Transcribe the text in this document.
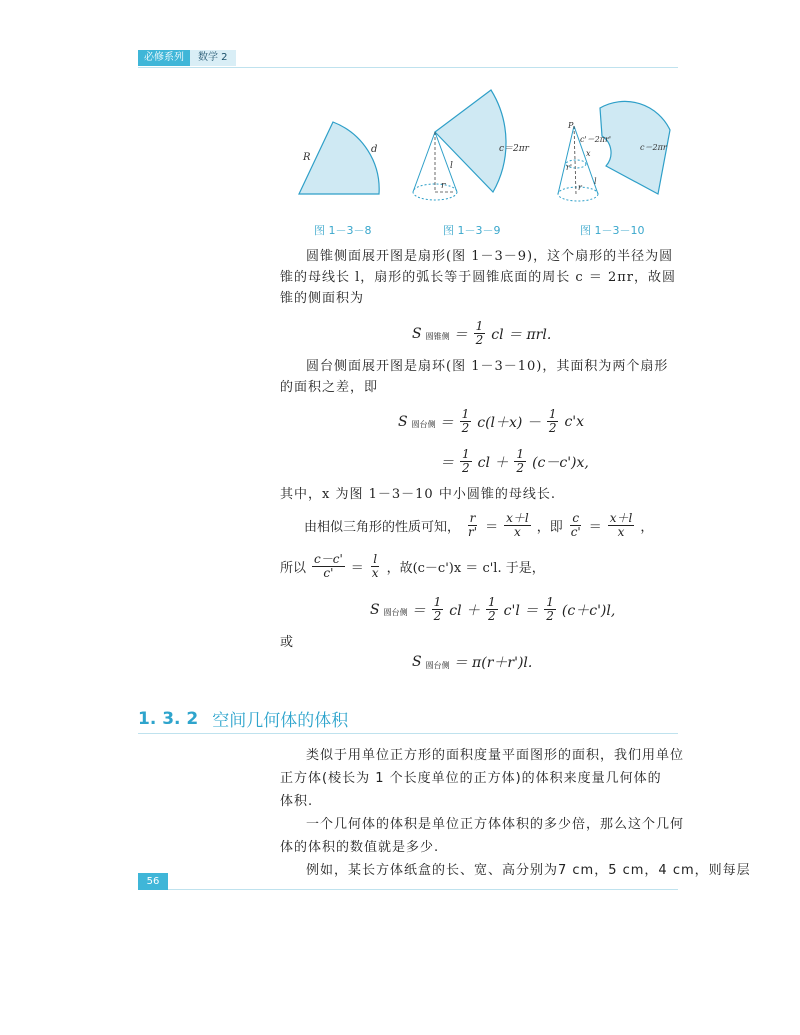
必修系列	数学 2
R
d
图 1－3－8
l
r
c＝2πr
图 1－3－9
P
c'＝2πr'
x
r'
l
r
c＝2πr
图 1－3－10
圆锥侧面展开图是扇形(图 1－3－9)，这个扇形的半径为圆锥的母线长 l，扇形的弧长等于圆锥底面的周长 c ＝ 2πr，故圆锥的侧面积为
S 圆锥侧 ＝ $\frac{1}{2}$ cl ＝ πrl.
圆台侧面展开图是扇环(图 1－3－10)，其面积为两个扇形的面积之差，即
S 圆台侧 ＝ $\frac{1}{2} c(l+x) - \frac{1}{2} c'x$
＝ $\frac{1}{2}$ cl ＋ $\frac{1}{2} (c-c')x$,
其中，x 为图 1－3－10 中小圆锥的母线长.
由相似三角形的性质可知， $\frac{r}{r'} = \frac{x+l}{x}$ ，即 $\frac{c}{c'} = \frac{x+l}{x}$ ，
所以 $\frac{c-c'}{c'} = \frac{l}{x}$ ，故(c－c')x ＝ c'l. 于是，
S 圆台侧 ＝ $\frac{1}{2}$ cl ＋ $\frac{1}{2} c'l = \frac{1}{2} (c+c')l$,
或
S 圆台侧 ＝ π(r＋r')l.
1. 3. 2 空间几何体的体积
类似于用单位正方形的面积度量平面图形的面积，我们用单位
正方体(棱长为 1 个长度单位的正方体)的体积来度量几何体的
体积.
一个几何体的体积是单位正方体体积的多少倍，那么这个几何
体的体积的数值就是多少.
例如，某长方体纸盒的长、宽、高分别为7 cm，5 cm，4 cm，则每层
56
